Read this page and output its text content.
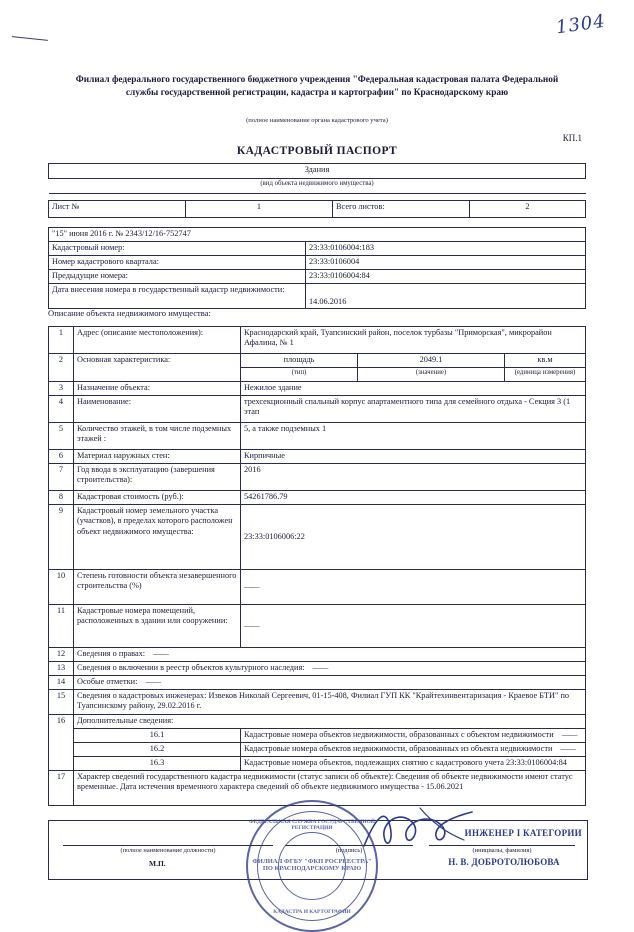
1304
Филиал федерального государственного бюджетного учреждения "Федеральная кадастровая палата Федеральной службы государственной регистрации, кадастра и картографии" по Краснодарскому краю
(полное наименование органа кадастрового учета)
КП.1
КАДАСТРОВЫЙ ПАСПОРТ
Здания
(вид объекта недвижимого имущества)
Лист №	1	Всего листов:	2
"15" июня 2016 г. № 2343/12/16-752747	
Кадастровый номер:	23:33:0106004:183
Номер кадастрового квартала:	23:33:0106004
Предыдущие номера:	23:33:0106004:84
Дата внесения номера в государственный кадастр недвижимости:	14.06.2016
Описание объекта недвижимого имущества:
1	Адрес (описание местоположения):	Краснодарский край, Туапсинский район, поселок турбазы "Приморская", микрорайон Афалина, № 1		

2	Основная характеристика:	площадь	2049.1	кв.м
		(тип)	(значение)	(единица измерения)
3	Назначение объекта:	Нежилое здание		
4	Наименование:	трехсекционный спальный корпус апартаментного типа для семейного отдыха - Секция 3 (1 этап		

5	Количество этажей, в том числе подземных этажей :	5, а также подземных 1		

6	Материал наружных стен:	Кирпичные		
7	Год ввода в эксплуатацию (завершения строительства):	2016		

8	Кадастровая стоимость (руб.):	54261786.79		
9	Кадастровый номер земельного участка (участков), в пределах которого расположен объект недвижимого имущества:	23:33:0106006:22		
10	Степень готовности объекта незавершенного строительства (%)	——		
11	Кадастровые номера помещений, расположенных в здании или сооружении:	——		
12	Сведения о правах: ——			
13	Сведения о включении в реестр объектов культурного наследия: ——			
14	Особые отметки: ——			
15	Сведения о кадастровых инженерах: Извеков Николай Сергеевич, 01-15-408, Филиал ГУП КК "Крайтехинвентаризация - Краевое БТИ" по Туапсинскому району, 29.02.2016 г.			
16	Дополнительные сведения:			
	16.1	Кадастровые номера объектов недвижимости, образованных с объектом недвижимости ——		
	16.2	Кадастровые номера объектов недвижимости, образованных из объекта недвижимости ——		
	16.3	Кадастровые номера объектов, подлежащих снятию с кадастрового учета 23:33:0106004:84		
17	Характер сведений государственного кадастра недвижимости (статус записи об объекте): Сведения об объекте недвижимости имеют статус временные. Дата истечения временного характера сведений об объекте недвижимого имущества - 15.06.2021			
(полное наименование должности)	(подпись)	(инициалы, фамилия)
М.П.	Н. В. ДОБРОТОЛЮБОВА
ИНЖЕНЕР I КАТЕГОРИИ
ФЕДЕРАЛЬНАЯ СЛУЖБА ГОСУДАРСТВЕННОЙ РЕГИСТРАЦИИ
ФИЛИАЛ ФГБУ "ФКП РОСРЕЕСТРА" ПО КРАСНОДАРСКОМУ КРАЮ
КАДАСТРА И КАРТОГРАФИИ
